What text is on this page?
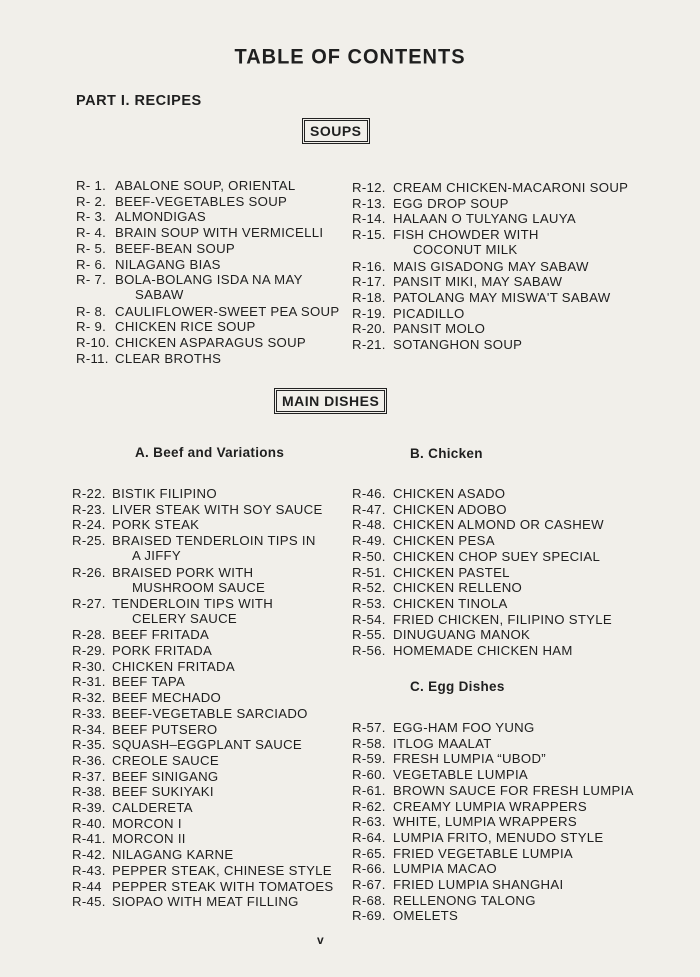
TABLE OF CONTENTS
PART I. RECIPES
SOUPS
MAIN DISHES
A. Beef and Variations	B. Chicken
C. Egg Dishes
R- 1. ABALONE SOUP, ORIENTAL
R- 2. BEEF-VEGETABLES SOUP
R- 3. ALMONDIGAS
R- 4. BRAIN SOUP WITH VERMICELLI
R- 5. BEEF-BEAN SOUP
R- 6. NILAGANG BIAS
R- 7. BOLA-BOLANG ISDA NA MAY
SABAW
R- 8. CAULIFLOWER-SWEET PEA SOUP
R- 9. CHICKEN RICE SOUP
R-10. CHICKEN ASPARAGUS SOUP
R-11. CLEAR BROTHS
R-12. CREAM CHICKEN-MACARONI SOUP
R-13. EGG DROP SOUP
R-14. HALAAN O TULYANG LAUYA
R-15. FISH CHOWDER WITH
COCONUT MILK
R-16. MAIS GISADONG MAY SABAW
R-17. PANSIT MIKI, MAY SABAW
R-18. PATOLANG MAY MISWA'T SABAW
R-19. PICADILLO
R-20. PANSIT MOLO
R-21. SOTANGHON SOUP
R-22. BISTIK FILIPINO
R-23. LIVER STEAK WITH SOY SAUCE
R-24. PORK STEAK
R-25. BRAISED TENDERLOIN TIPS IN
A JIFFY
R-26. BRAISED PORK WITH
MUSHROOM SAUCE
R-27. TENDERLOIN TIPS WITH
CELERY SAUCE
R-28. BEEF FRITADA
R-29. PORK FRITADA
R-30. CHICKEN FRITADA
R-31. BEEF TAPA
R-32. BEEF MECHADO
R-33. BEEF-VEGETABLE SARCIADO
R-34. BEEF PUTSERO
R-35. SQUASH–EGGPLANT SAUCE
R-36. CREOLE SAUCE
R-37. BEEF SINIGANG
R-38. BEEF SUKIYAKI
R-39. CALDERETA
R-40. MORCON I
R-41. MORCON II
R-42. NILAGANG KARNE
R-43. PEPPER STEAK, CHINESE STYLE
R-44 PEPPER STEAK WITH TOMATOES
R-45. SIOPAO WITH MEAT FILLING
R-46. CHICKEN ASADO
R-47. CHICKEN ADOBO
R-48. CHICKEN ALMOND OR CASHEW
R-49. CHICKEN PESA
R-50. CHICKEN CHOP SUEY SPECIAL
R-51. CHICKEN PASTEL
R-52. CHICKEN RELLENO
R-53. CHICKEN TINOLA
R-54. FRIED CHICKEN, FILIPINO STYLE
R-55. DINUGUANG MANOK
R-56. HOMEMADE CHICKEN HAM
R-57. EGG-HAM FOO YUNG
R-58. ITLOG MAALAT
R-59. FRESH LUMPIA “UBOD”
R-60. VEGETABLE LUMPIA
R-61. BROWN SAUCE FOR FRESH LUMPIA
R-62. CREAMY LUMPIA WRAPPERS
R-63. WHITE, LUMPIA WRAPPERS
R-64. LUMPIA FRITO, MENUDO STYLE
R-65. FRIED VEGETABLE LUMPIA
R-66. LUMPIA MACAO
R-67. FRIED LUMPIA SHANGHAI
R-68. RELLENONG TALONG
R-69. OMELETS
v
